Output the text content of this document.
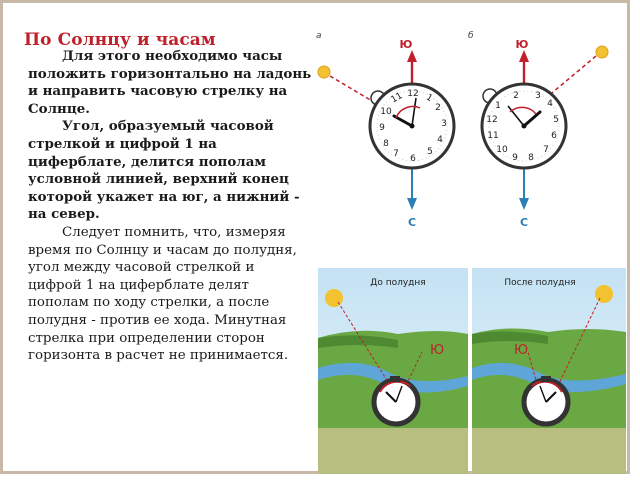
По Солнцу и часам

Для этого необходимо часы положить горизонтально на ладонь и направить часовую стрелку на Солнце.

Угол, образуемый часовой стрелкой и цифрой 1 на циферблате, делится пополам условной линией, верхний конец которой укажет на юг, а нижний - на север.

Следует помнить, что, измеряя время по Солнцу и часам до полудня, угол между часовой стрелкой и цифрой 1 на циферблате делят пополам по ходу стрелки, а после полудня - против ее хода. Минутная стрелка при определении сторон горизонта в расчет не принимается.

а
Ю
С
11 12 1
2
3
4
5
6
7
8
9
10
б
Ю
С
3
4
5
6
7
8
9
10
11
12
1
2
До полудня
Ю
После полудня
Ю
